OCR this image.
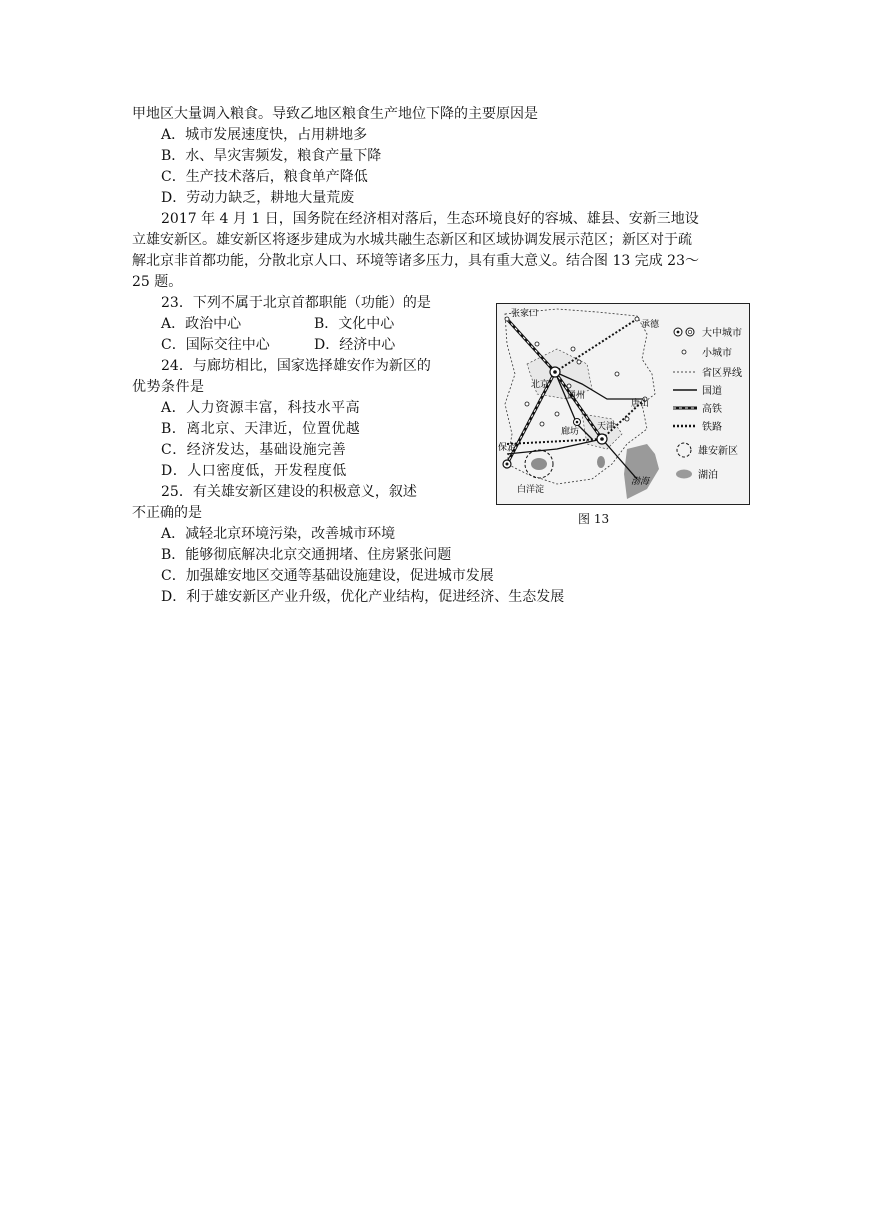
甲地区大量调入粮食。导致乙地区粮食生产地位下降的主要原因是
A．城市发展速度快，占用耕地多
B．水、旱灾害频发，粮食产量下降
C．生产技术落后，粮食单产降低
D．劳动力缺乏，耕地大量荒废
2017 年 4 月 1 日，国务院在经济相对落后，生态环境良好的容城、雄县、安新三地设
立雄安新区。雄安新区将逐步建成为水城共融生态新区和区域协调发展示范区；新区对于疏
解北京非首都功能，分散北京人口、环境等诸多压力，具有重大意义。结合图 13 完成 23～
25 题。
23．下列不属于北京首都职能（功能）的是
A．政治中心	B．文化中心
C．国际交往中心	D．经济中心
24．与廊坊相比，国家选择雄安作为新区的
优势条件是
A．人力资源丰富，科技水平高
B．离北京、天津近，位置优越
C．经济发达，基础设施完善
D．人口密度低，开发程度低
25．有关雄安新区建设的积极意义，叙述
不正确的是
A．减轻北京环境污染，改善城市环境
B．能够彻底解决北京交通拥堵、住房紧张问题
C．加强雄安地区交通等基础设施建设，促进城市发展
D．利于雄安新区产业升级，优化产业结构，促进经济、生态发展
张家口
承德
北京
通州
唐山
廊坊 天津
保定
白洋淀
渤海
大中城市
小城市
省区界线
国道
高铁
铁路
雄安新区
湖泊
图 13
